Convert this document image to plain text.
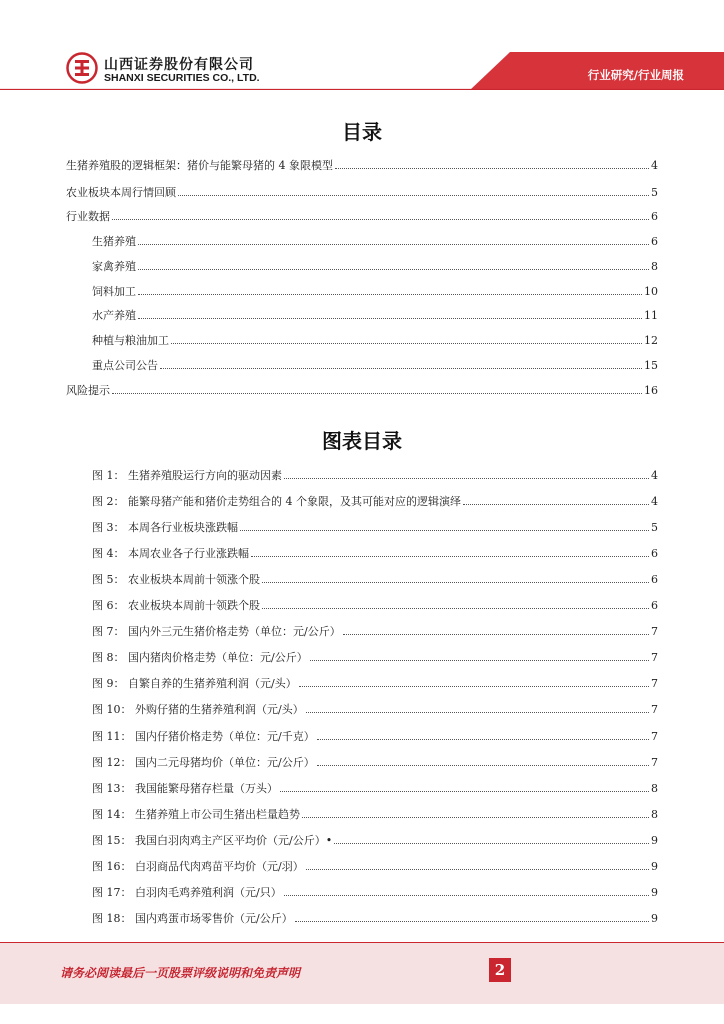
山西证券股份有限公司
SHANXI SECURITIES CO., LTD.	行业研究/行业周报
目录
生猪养殖股的逻辑框架：猪价与能繁母猪的 4 象限模型	4
农业板块本周行情回顾	5
行业数据	6
生猪养殖	6
家禽养殖	8
饲料加工	10
水产养殖	11
种植与粮油加工	12
重点公司公告	15
风险提示	16
图表目录
图 1： 生猪养殖股运行方向的驱动因素	4
图 2： 能繁母猪产能和猪价走势组合的 4 个象限，及其可能对应的逻辑演绎	4
图 3： 本周各行业板块涨跌幅	5
图 4： 本周农业各子行业涨跌幅	6
图 5： 农业板块本周前十领涨个股	6
图 6： 农业板块本周前十领跌个股	6
图 7： 国内外三元生猪价格走势（单位：元/公斤）	7
图 8： 国内猪肉价格走势（单位：元/公斤）	7
图 9： 自繁自养的生猪养殖利润（元/头）	7
图 10： 外购仔猪的生猪养殖利润（元/头）	7
图 11： 国内仔猪价格走势（单位：元/千克）	7
图 12： 国内二元母猪均价（单位：元/公斤）	7
图 13： 我国能繁母猪存栏量（万头）	8
图 14： 生猪养殖上市公司生猪出栏量趋势	8
图 15： 我国白羽肉鸡主产区平均价（元/公斤）•	9
图 16： 白羽商品代肉鸡苗平均价（元/羽）	9
图 17： 白羽肉毛鸡养殖利润（元/只）	9
图 18： 国内鸡蛋市场零售价（元/公斤）	9
请务必阅读最后一页股票评级说明和免责声明	2
